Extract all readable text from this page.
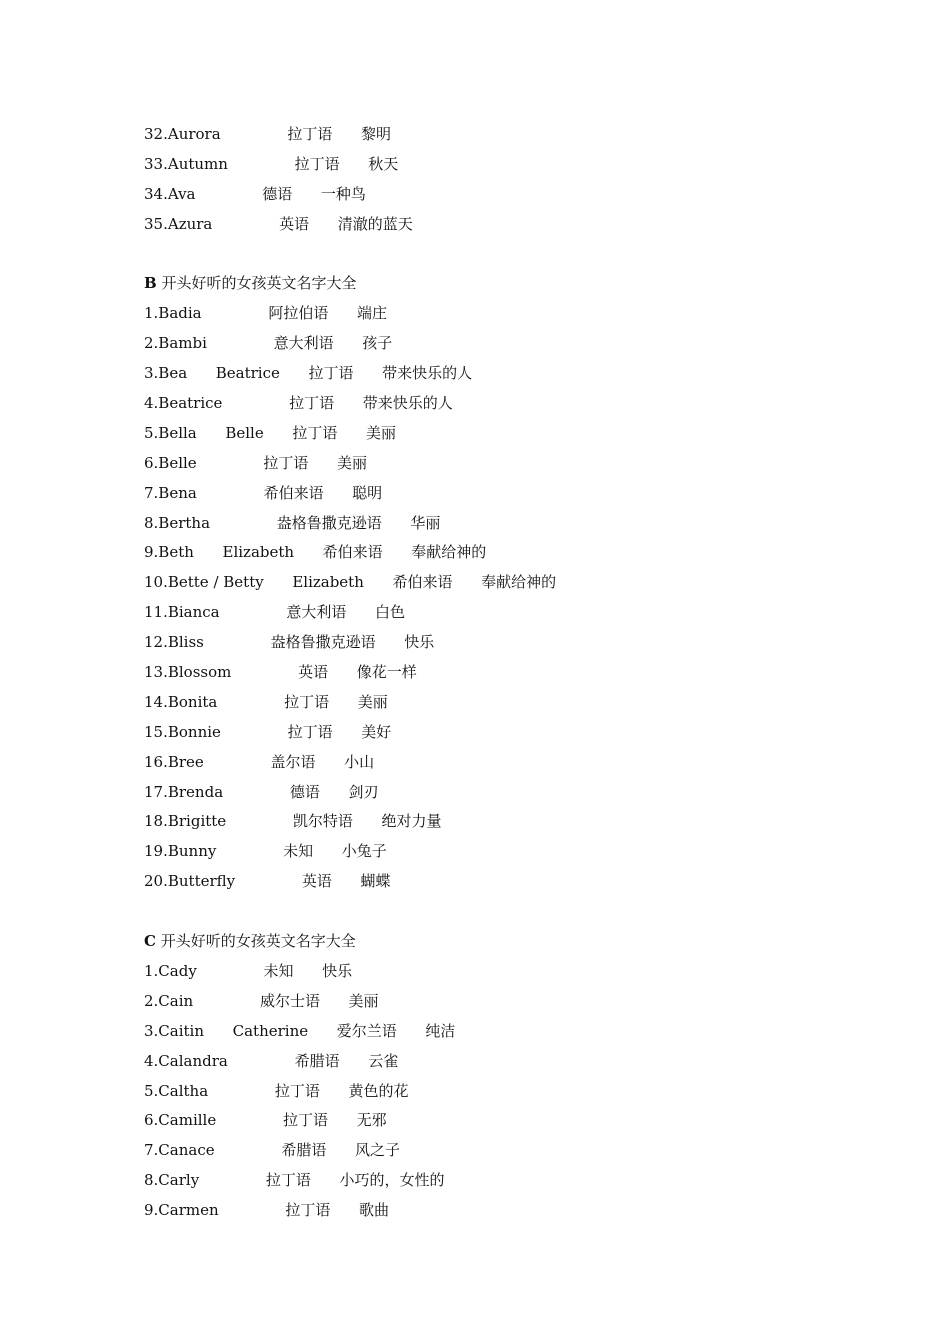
32.Aurora              拉丁语      黎明
33.Autumn              拉丁语      秋天
34.Ava              德语      一种鸟
35.Azura              英语      清澈的蓝天
B 开头好听的女孩英文名字大全
1.Badia              阿拉伯语      端庄
2.Bambi              意大利语      孩子
3.Bea      Beatrice      拉丁语      带来快乐的人
4.Beatrice              拉丁语      带来快乐的人
5.Bella      Belle      拉丁语      美丽
6.Belle              拉丁语      美丽
7.Bena              希伯来语      聪明
8.Bertha              盎格鲁撒克逊语      华丽
9.Beth      Elizabeth      希伯来语      奉献给神的
10.Bette / Betty      Elizabeth      希伯来语      奉献给神的
11.Bianca              意大利语      白色
12.Bliss              盎格鲁撒克逊语      快乐
13.Blossom              英语      像花一样
14.Bonita              拉丁语      美丽
15.Bonnie              拉丁语      美好
16.Bree              盖尔语      小山
17.Brenda              德语      剑刃
18.Brigitte              凯尔特语      绝对力量
19.Bunny              未知      小兔子
20.Butterfly              英语      蝴蝶
C 开头好听的女孩英文名字大全
1.Cady              未知      快乐
2.Cain              威尔士语      美丽
3.Caitin      Catherine      爱尔兰语      纯洁
4.Calandra              希腊语      云雀
5.Caltha              拉丁语      黄色的花
6.Camille              拉丁语      无邪
7.Canace              希腊语      风之子
8.Carly              拉丁语      小巧的，女性的
9.Carmen              拉丁语      歌曲
